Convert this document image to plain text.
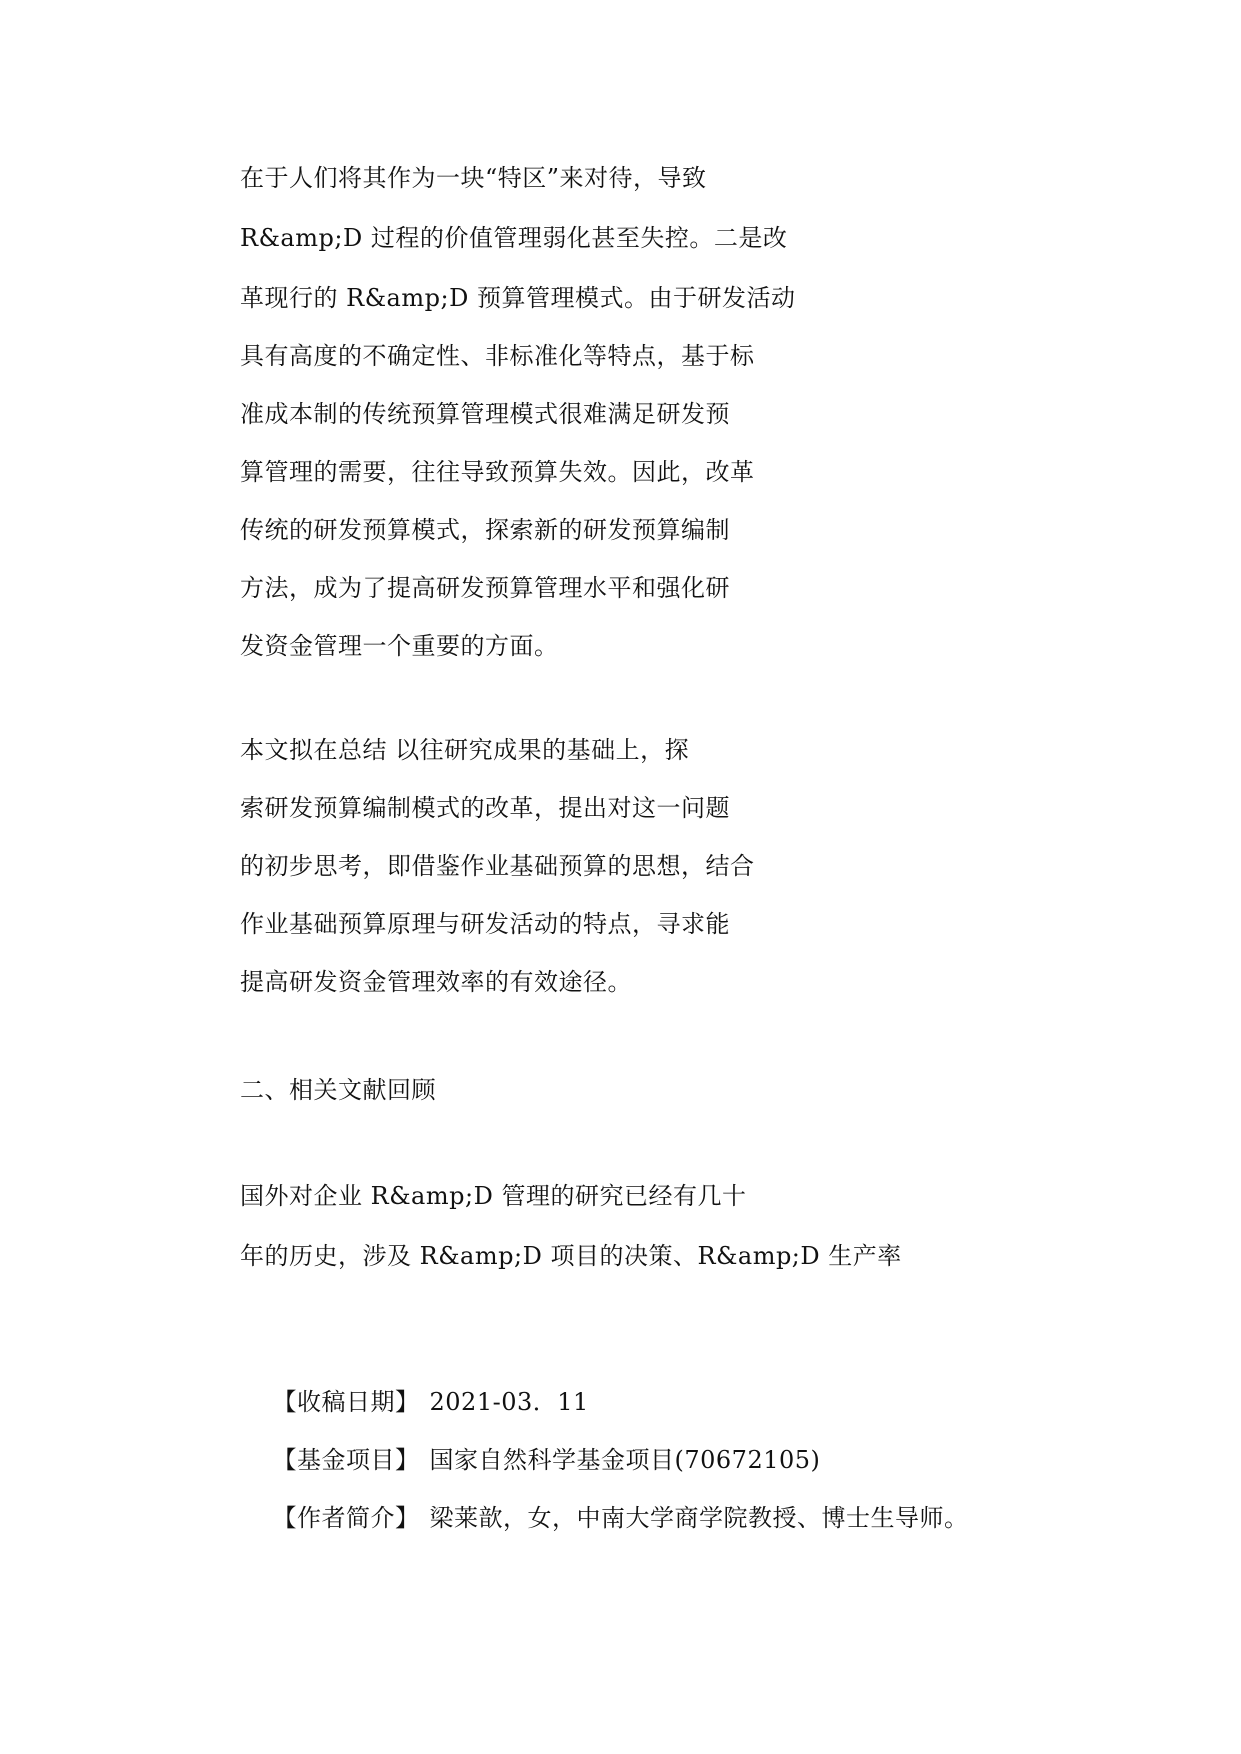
在于人们将其作为一块“特区”来对待，导致
R&amp;D 过程的价值管理弱化甚至失控。二是改
革现行的 R&amp;D 预算管理模式。由于研发活动
具有高度的不确定性、非标准化等特点，基于标
准成本制的传统预算管理模式很难满足研发预
算管理的需要，往往导致预算失效。因此，改革
传统的研发预算模式，探索新的研发预算编制
方法，成为了提高研发预算管理水平和强化研
发资金管理一个重要的方面。
本文拟在总结 以往研究成果的基础上，探
索研发预算编制模式的改革，提出对这一问题
的初步思考，即借鉴作业基础预算的思想，结合
作业基础预算原理与研发活动的特点，寻求能
提高研发资金管理效率的有效途径。
二、相关文献回顾
国外对企业 R&amp;D 管理的研究已经有几十
年的历史，涉及 R&amp;D 项目的决策、R&amp;D 生产率

【收稿日期】 2021-03．11

【基金项目】 国家自然科学基金项目(70672105)

【作者简介】 梁莱歆，女，中南大学商学院教授、博士生导师。
